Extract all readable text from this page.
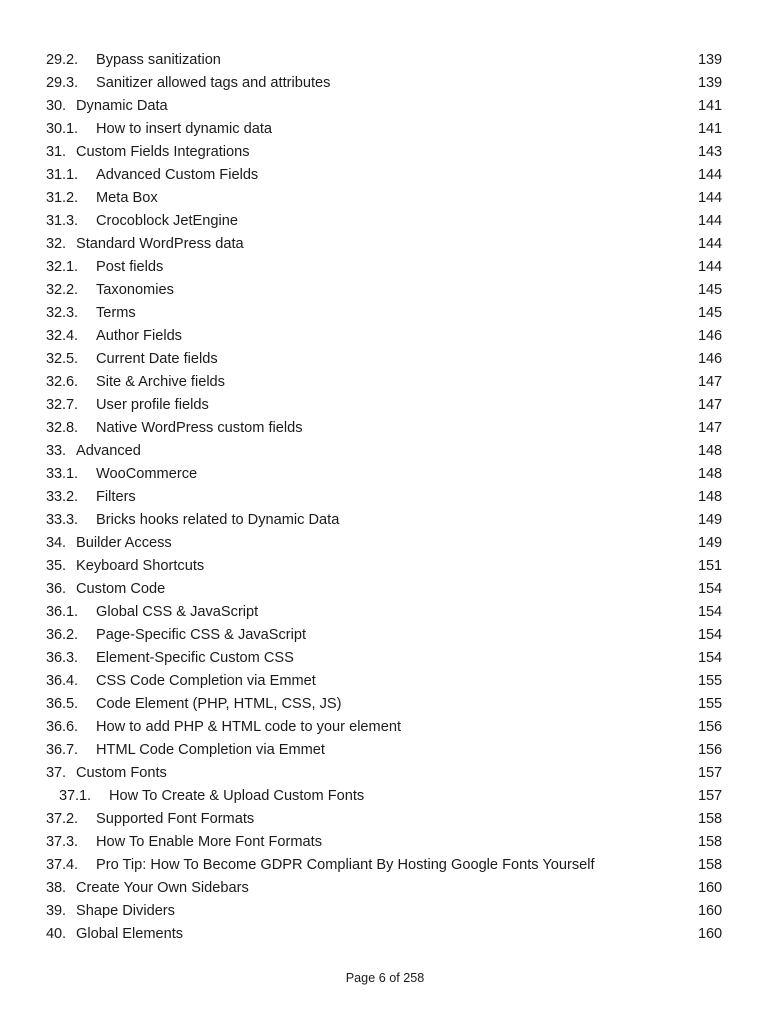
29.2.	Bypass sanitization	139
29.3.	Sanitizer allowed tags and attributes	139
30. Dynamic Data	141
30.1.	How to insert dynamic data	141
31. Custom Fields Integrations	143
31.1.	Advanced Custom Fields	144
31.2.	Meta Box	144
31.3.	Crocoblock JetEngine	144
32. Standard WordPress data	144
32.1.	Post fields	144
32.2.	Taxonomies	145
32.3.	Terms	145
32.4.	Author Fields	146
32.5.	Current Date fields	146
32.6.	Site & Archive fields	147
32.7.	User profile fields	147
32.8.	Native WordPress custom fields	147
33. Advanced	148
33.1.	WooCommerce	148
33.2.	Filters	148
33.3.	Bricks hooks related to Dynamic Data	149
34. Builder Access	149
35. Keyboard Shortcuts	151
36. Custom Code	154
36.1.	Global CSS & JavaScript	154
36.2.	Page-Specific CSS & JavaScript	154
36.3.	Element-Specific Custom CSS	154
36.4.	CSS Code Completion via Emmet	155
36.5.	Code Element (PHP, HTML, CSS, JS)	155
36.6.	How to add PHP & HTML code to your element	156
36.7.	HTML Code Completion via Emmet	156
37. Custom Fonts	157
37.1.	How To Create & Upload Custom Fonts	157
37.2.	Supported Font Formats	158
37.3.	How To Enable More Font Formats	158
37.4.	Pro Tip: How To Become GDPR Compliant By Hosting Google Fonts Yourself	158
38. Create Your Own Sidebars	160
39. Shape Dividers	160
40. Global Elements	160
Page 6 of 258
